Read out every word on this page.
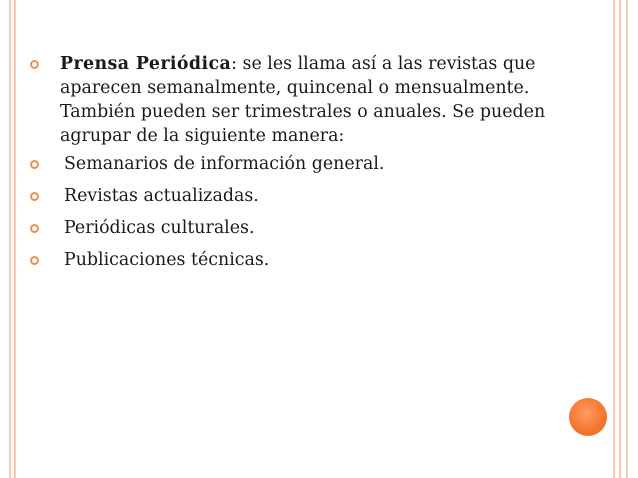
Prensa Periódica: se les llama así a las revistas que aparecen semanalmente, quincenal o mensualmente. También pueden ser trimestrales o anuales. Se pueden agrupar de la siguiente manera:

Semanarios de información general.
Revistas actualizadas.
Periódicas culturales.
Publicaciones técnicas.
